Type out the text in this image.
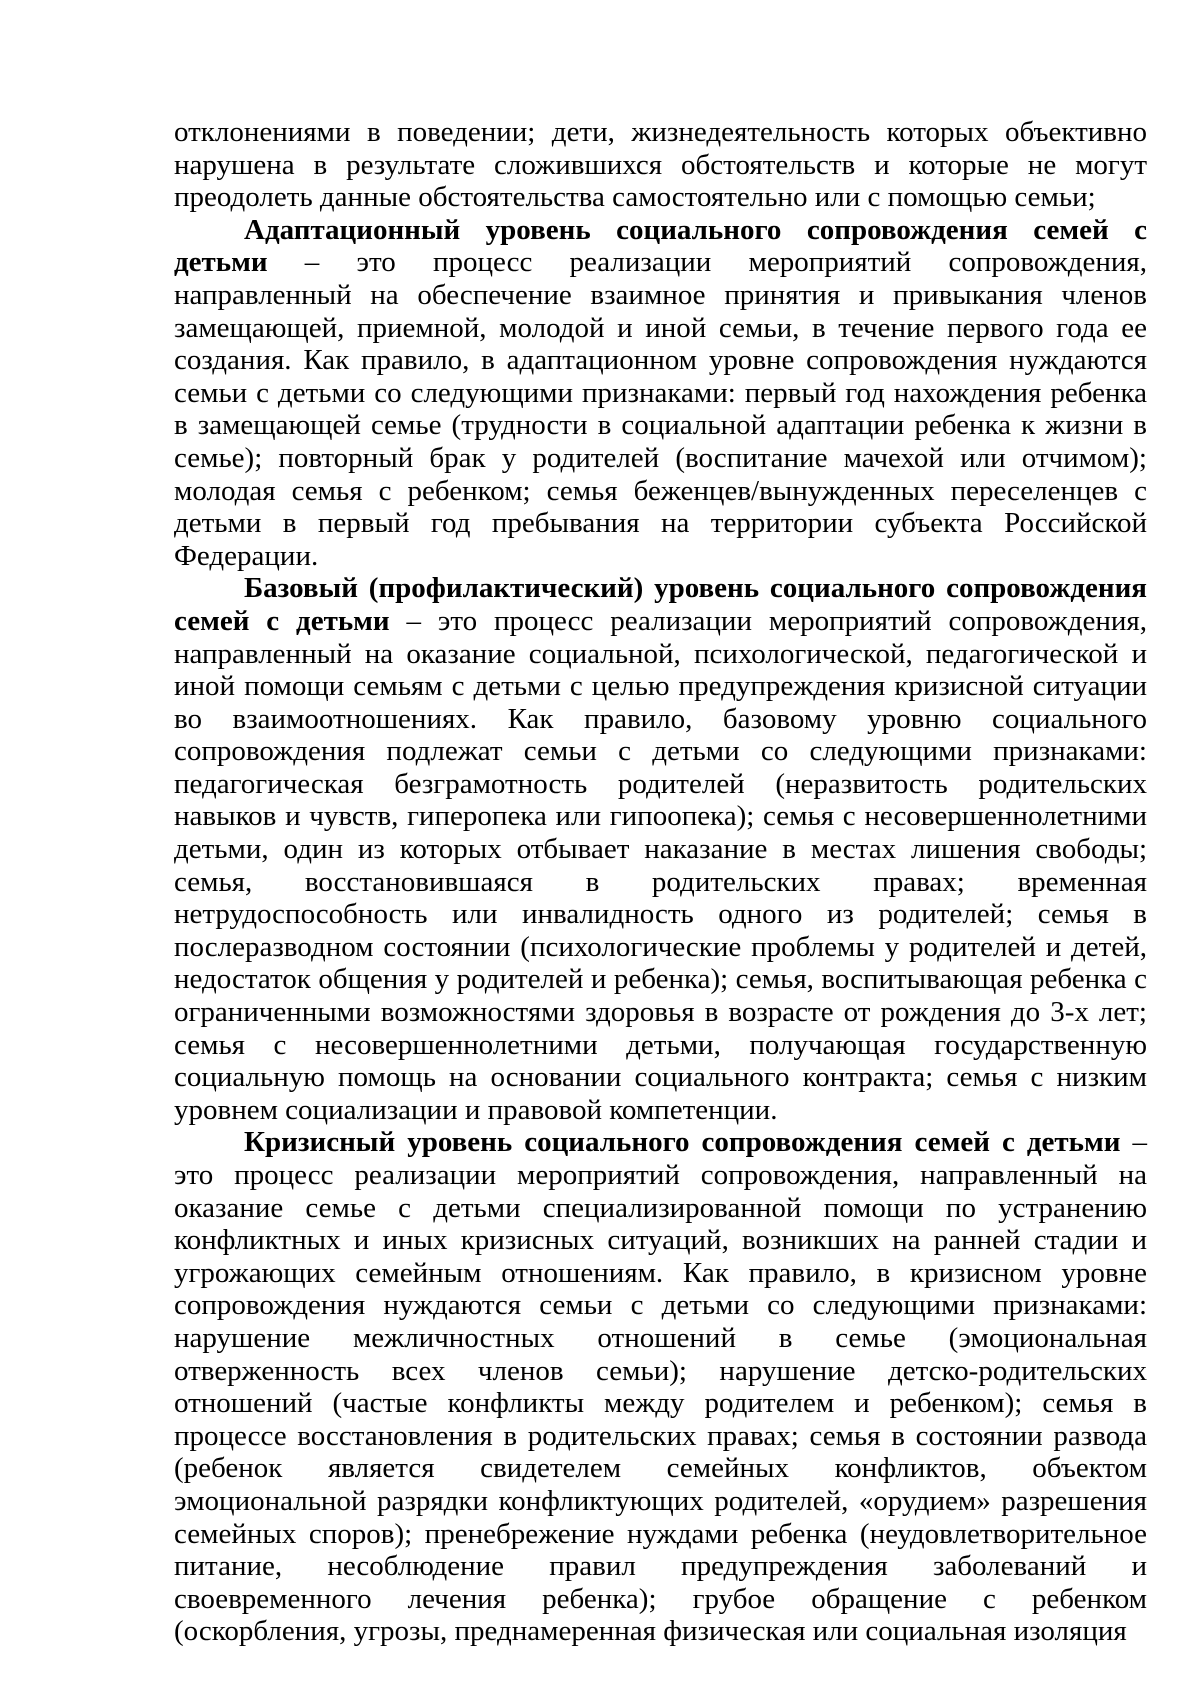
отклонениями в поведении; дети, жизнедеятельность которых объективно нарушена в результате сложившихся обстоятельств и которые не могут преодолеть данные обстоятельства самостоятельно или с помощью семьи;

Адаптационный уровень социального сопровождения семей с детьми – это процесс реализации мероприятий сопровождения, направленный на обеспечение взаимное принятия и привыкания членов замещающей, приемной, молодой и иной семьи, в течение первого года ее создания. Как правило, в адаптационном уровне сопровождения нуждаются семьи с детьми со следующими признаками: первый год нахождения ребенка в замещающей семье (трудности в социальной адаптации ребенка к жизни в семье); повторный брак у родителей (воспитание мачехой или отчимом); молодая семья с ребенком; семья беженцев/вынужденных переселенцев с детьми в первый год пребывания на территории субъекта Российской Федерации.

Базовый (профилактический) уровень социального сопровождения семей с детьми – это процесс реализации мероприятий сопровождения, направленный на оказание социальной, психологической, педагогической и иной помощи семьям с детьми с целью предупреждения кризисной ситуации во взаимоотношениях. Как правило, базовому уровню социального сопровождения подлежат семьи с детьми со следующими признаками: педагогическая безграмотность родителей (неразвитость родительских навыков и чувств, гиперопека или гипоопека); семья с несовершеннолетними детьми, один из которых отбывает наказание в местах лишения свободы; семья, восстановившаяся в родительских правах; временная нетрудоспособность или инвалидность одного из родителей; семья в послеразводном состоянии (психологические проблемы у родителей и детей, недостаток общения у родителей и ребенка); семья, воспитывающая ребенка с ограниченными возможностями здоровья в возрасте от рождения до 3-х лет; семья с несовершеннолетними детьми, получающая государственную социальную помощь на основании социального контракта; семья с низким уровнем социализации и правовой компетенции.

Кризисный уровень социального сопровождения семей с детьми – это процесс реализации мероприятий сопровождения, направленный на оказание семье с детьми специализированной помощи по устранению конфликтных и иных кризисных ситуаций, возникших на ранней стадии и угрожающих семейным отношениям. Как правило, в кризисном уровне сопровождения нуждаются семьи с детьми со следующими признаками: нарушение межличностных отношений в семье (эмоциональная отверженность всех членов семьи); нарушение детско-родительских отношений (частые конфликты между родителем и ребенком); семья в процессе восстановления в родительских правах; семья в состоянии развода (ребенок является свидетелем семейных конфликтов, объектом эмоциональной разрядки конфликтующих родителей, «орудием» разрешения семейных споров); пренебрежение нуждами ребенка (неудовлетворительное питание, несоблюдение правил предупреждения заболеваний и своевременного лечения ребенка); грубое обращение с ребенком (оскорбления, угрозы, преднамеренная физическая или социальная изоляция
